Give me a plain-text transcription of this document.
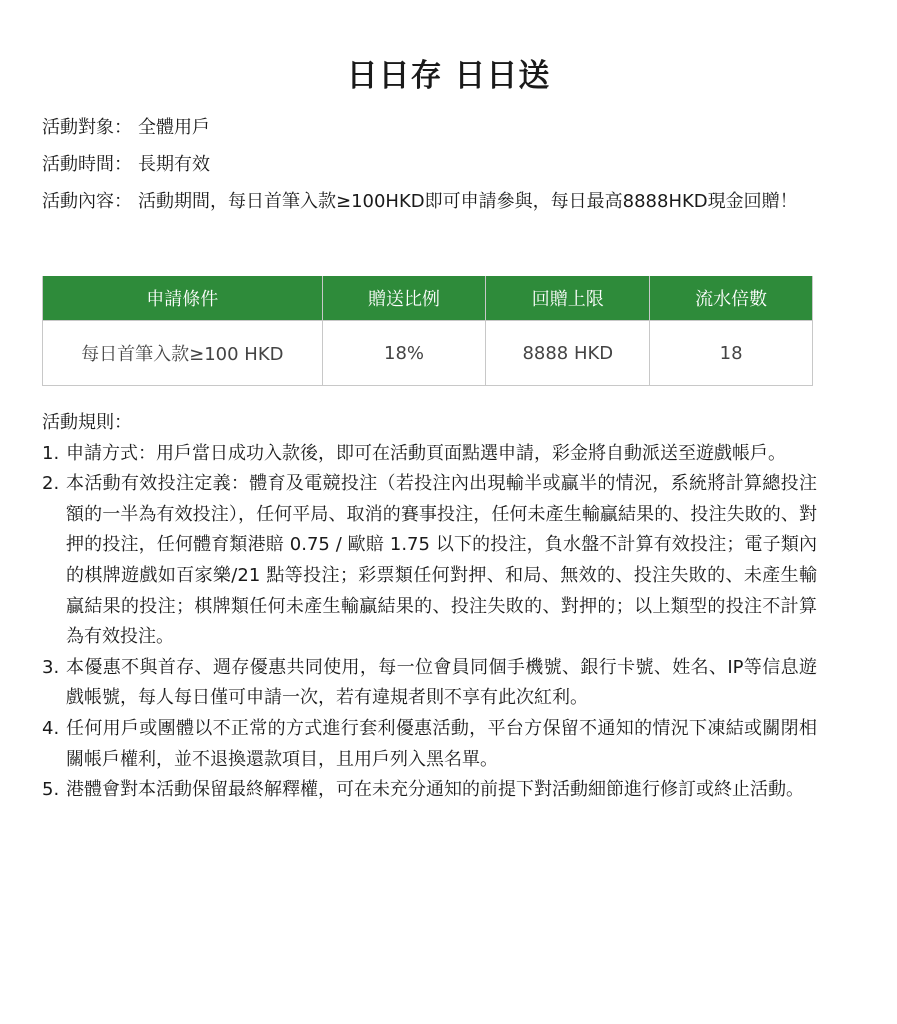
日日存 日日送
活動對象： 全體用戶
活動時間： 長期有效
活動內容： 活動期間，每日首筆入款≥100HKD即可申請參與，每日最高8888HKD現金回贈！
申請條件	贈送比例	回贈上限	流水倍數
每日首筆入款≥100 HKD	18%	8888 HKD	18
活動規則：
1. 申請方式：用戶當日成功入款後，即可在活動頁面點選申請，彩金將自動派送至遊戲帳戶。
2. 本活動有效投注定義：體育及電競投注（若投注內出現輸半或贏半的情況，系統將計算總投注額的一半為有效投注），任何平局、取消的賽事投注，任何未產生輸贏結果的、投注失敗的、對押的投注，任何體育類港賠 0.75 / 歐賠 1.75 以下的投注，負水盤不計算有效投注；電子類內的棋牌遊戲如百家樂/21 點等投注；彩票類任何對押、和局、無效的、投注失敗的、未產生輸贏結果的投注；棋牌類任何未產生輸贏結果的、投注失敗的、對押的；以上類型的投注不計算為有效投注。
3. 本優惠不與首存、週存優惠共同使用，每一位會員同個手機號、銀行卡號、姓名、IP等信息遊戲帳號，每人每日僅可申請一次，若有違規者則不享有此次紅利。
4. 任何用戶或團體以不正常的方式進行套利優惠活動，平台方保留不通知的情況下凍結或關閉相關帳戶權利，並不退換還款項目，且用戶列入黑名單。
5. 港體會對本活動保留最終解釋權，可在未充分通知的前提下對活動細節進行修訂或終止活動。
